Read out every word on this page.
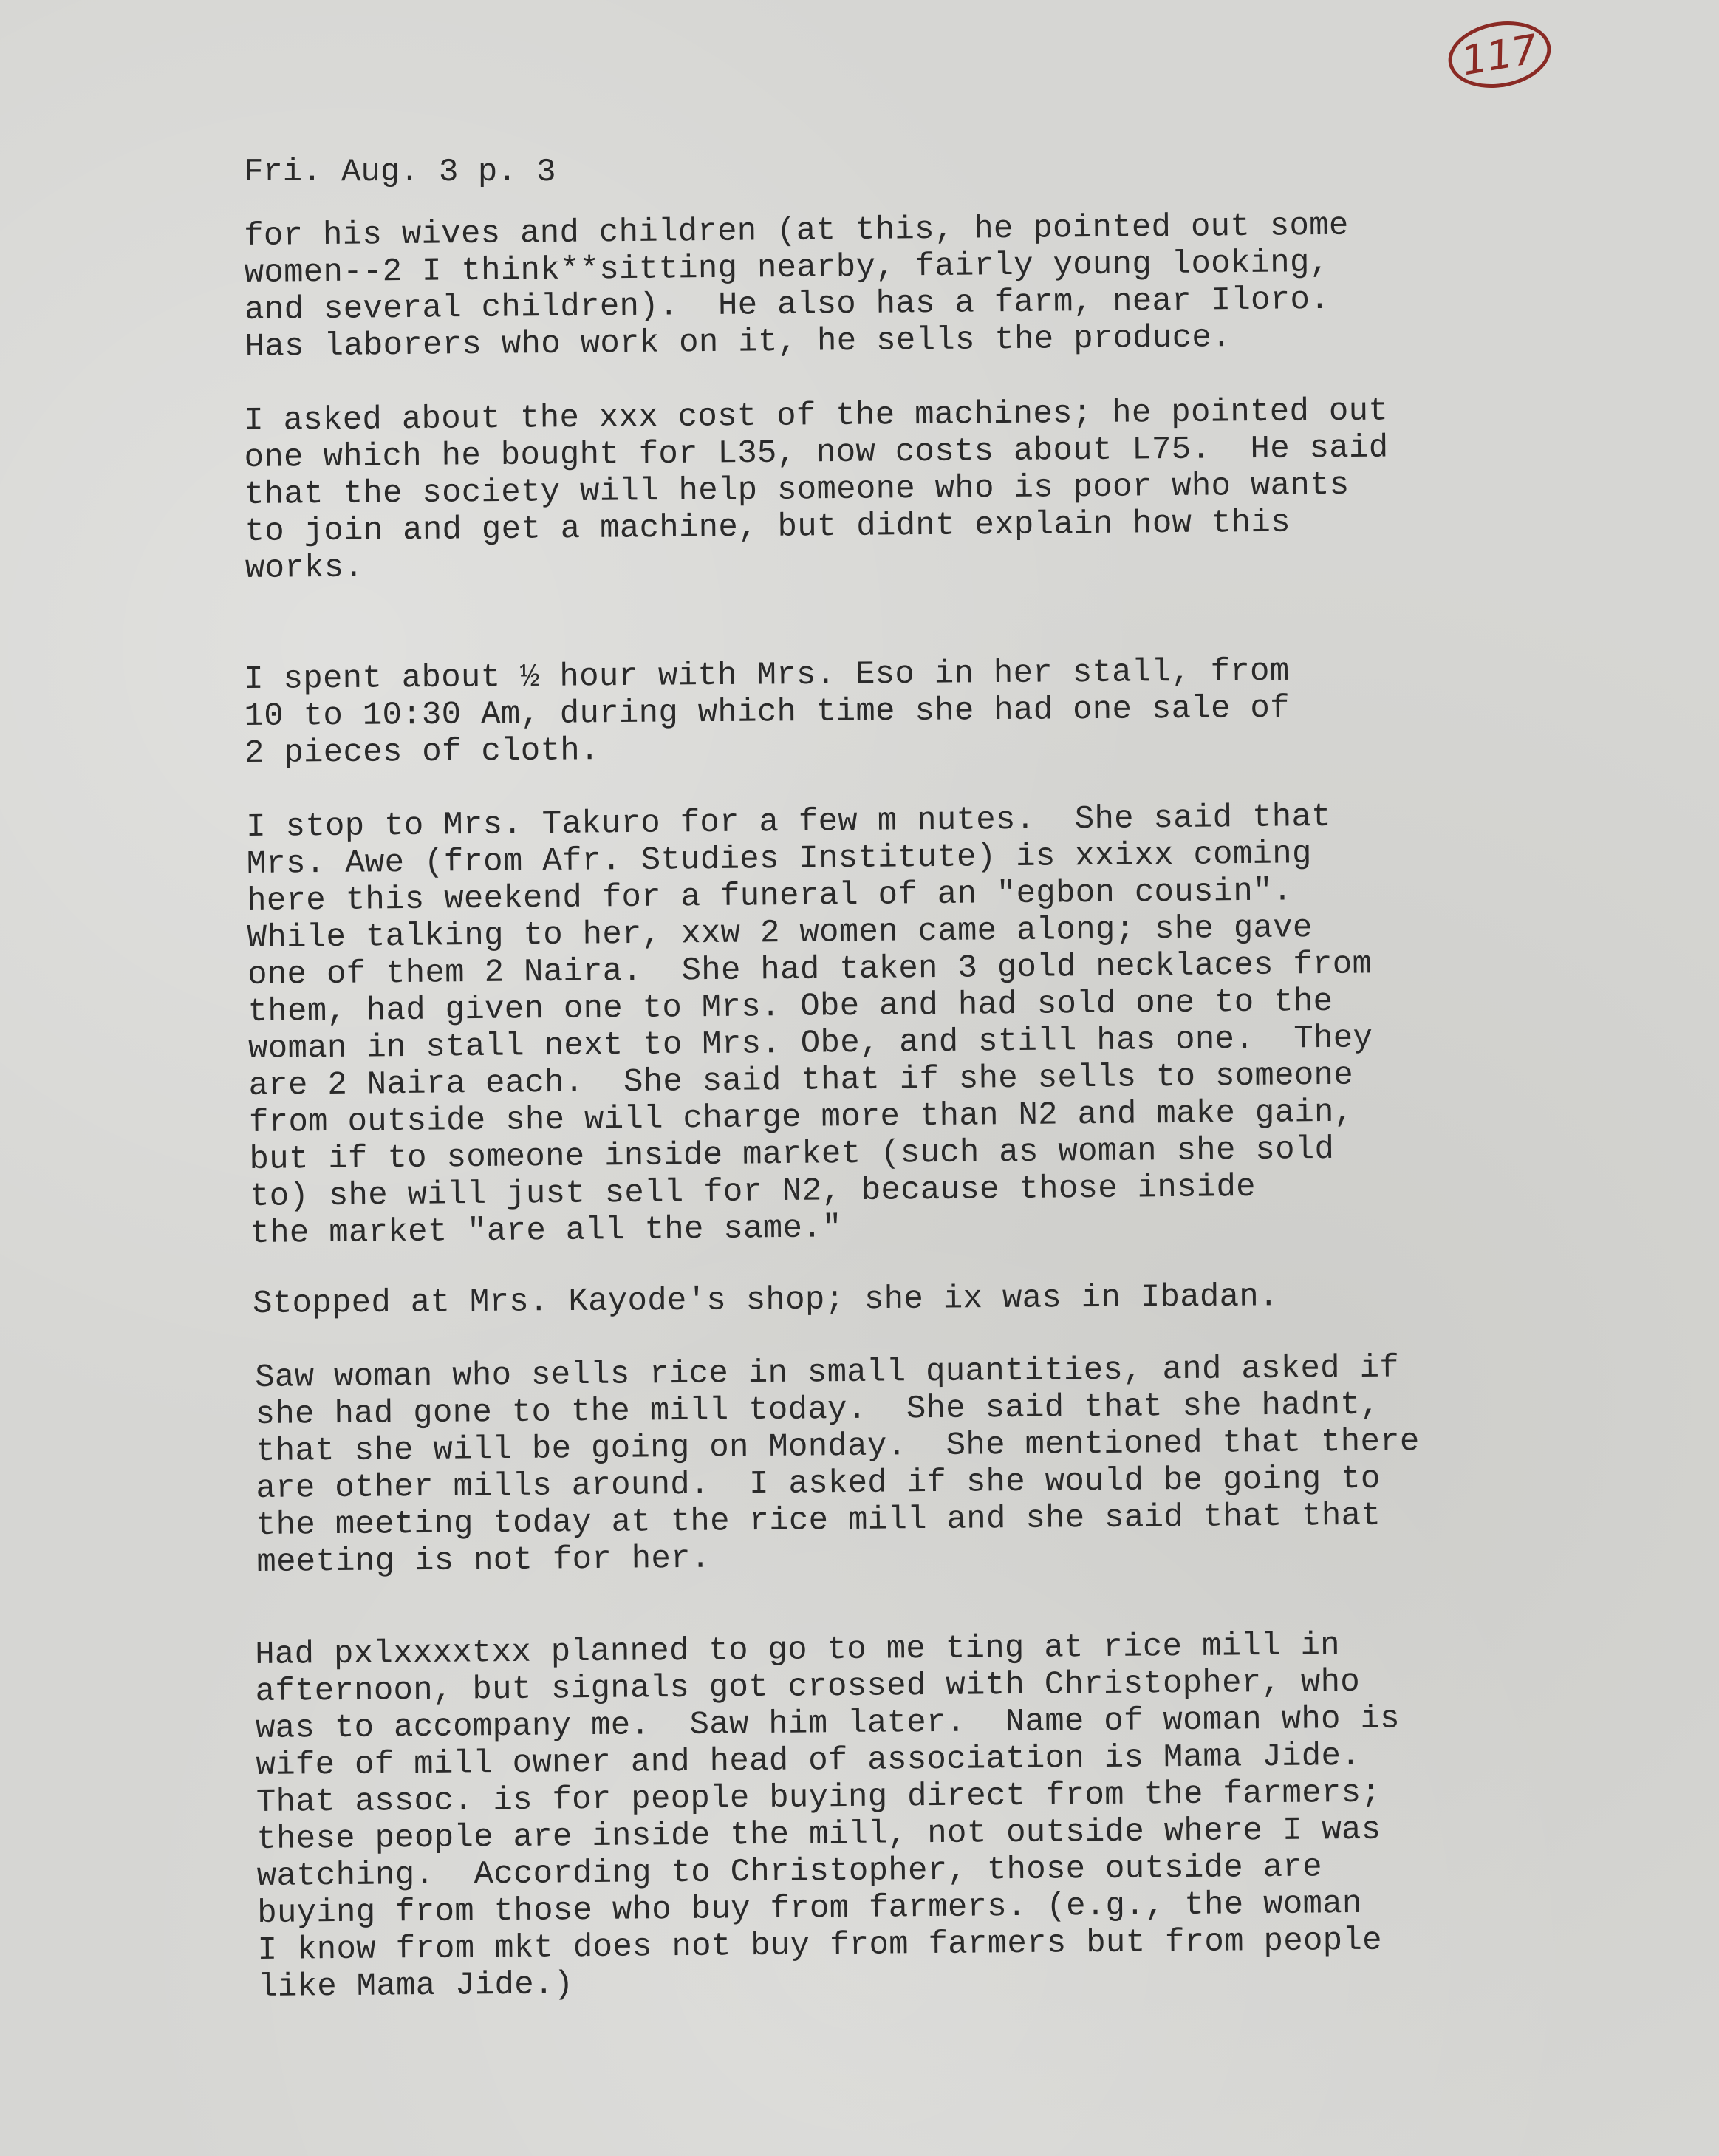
117
Fri. Aug. 3 p. 3
for his wives and children (at this, he pointed out some
women--2 I think**sitting nearby, fairly young looking,
and several children).  He also has a farm, near Iloro.
Has laborers who work on it, he sells the produce.
I asked about the xxx cost of the machines; he pointed out
one which he bought for L35, now costs about L75.  He said
that the society will help someone who is poor who wants
to join and get a machine, but didnt explain how this
works.
I spent about ½ hour with Mrs. Eso in her stall, from
10 to 10:30 Am, during which time she had one sale of
2 pieces of cloth.
I stop to Mrs. Takuro for a few m nutes.  She said that
Mrs. Awe (from Afr. Studies Institute) is xxixx coming
here this weekend for a funeral of an "egbon cousin".
While talking to her, xxw 2 women came along; she gave
one of them 2 Naira.  She had taken 3 gold necklaces from
them, had given one to Mrs. Obe and had sold one to the
woman in stall next to Mrs. Obe, and still has one.  They
are 2 Naira each.  She said that if she sells to someone
from outside she will charge more than N2 and make gain,
but if to someone inside market (such as woman she sold
to) she will just sell for N2, because those inside
the market "are all the same."
Stopped at Mrs. Kayode's shop; she ix was in Ibadan.
Saw woman who sells rice in small quantities, and asked if
she had gone to the mill today.  She said that she hadnt,
that she will be going on Monday.  She mentioned that there
are other mills around.  I asked if she would be going to
the meeting today at the rice mill and she said that that
meeting is not for her.
Had pxlxxxxtxx planned to go to me ting at rice mill in
afternoon, but signals got crossed with Christopher, who
was to accompany me.  Saw him later.  Name of woman who is
wife of mill owner and head of association is Mama Jide.
That assoc. is for people buying direct from the farmers;
these people are inside the mill, not outside where I was
watching.  According to Christopher, those outside are
buying from those who buy from farmers. (e.g., the woman
I know from mkt does not buy from farmers but from people
like Mama Jide.)
